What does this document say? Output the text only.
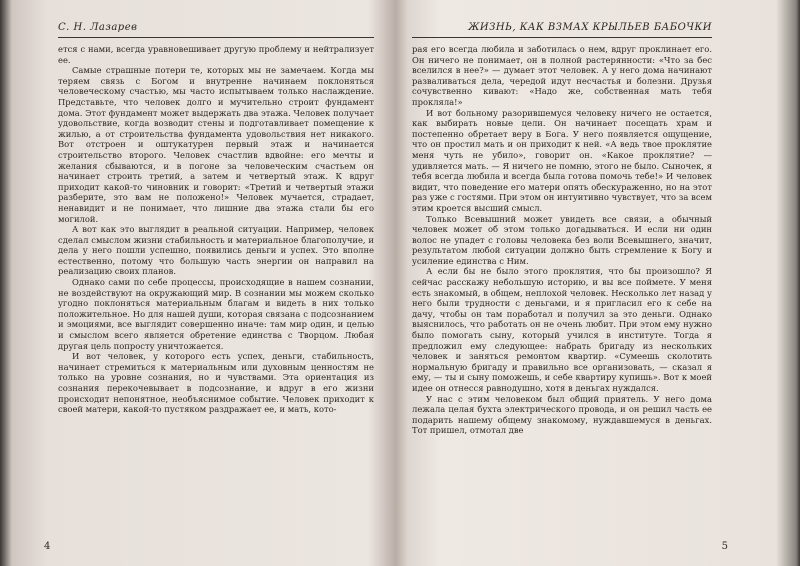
С. Н. Лазарев

ется с нами, всегда уравновешивает другую проблему и нейтрализует ее.

Самые страшные потери те, которых мы не замечаем. Когда мы теряем связь с Богом и внутренне начинаем поклоняться человеческому счастью, мы часто испытываем только наслаждение. Представьте, что человек долго и мучительно строит фундамент дома. Этот фундамент может выдержать два этажа. Человек получает удовольствие, когда возводит стены и подготавливает помещение к жилью, а от строительства фундамента удовольствия нет никакого. Вот отстроен и оштукатурен первый этаж и начинается строительство второго. Человек счастлив вдвойне: его мечты и желания сбываются, и в погоне за человеческим счастьем он начинает строить третий, а затем и четвертый этаж. К вдруг приходит какой-то чиновник и говорит: «Третий и четвертый этажи разберите, это вам не положено!» Человек мучается, страдает, ненавидит и не понимает, что лишние два этажа стали бы его могилой.

А вот как это выглядит в реальной ситуации. Например, человек сделал смыслом жизни стабильность и материальное благополучие, и дела у него пошли успешно, появились деньги и успех. Это вполне естественно, потому что большую часть энергии он направил на реализацию своих планов.

Однако сами по себе процессы, происходящие в нашем сознании, не воздействуют на окружающий мир. В сознании мы можем сколько угодно поклоняться материальным благам и видеть в них только положительное. Но для нашей души, которая связана с подсознанием и эмоциями, все выглядит совершенно иначе: там мир один, и целью и смыслом всего является обретение единства с Творцом. Любая другая цель попросту уничтожается.

И вот человек, у которого есть успех, деньги, стабильность, начинает стремиться к материальным или духовным ценностям не только на уровне сознания, но и чувствами. Эта ориентация из сознания перекочевывает в подсознание, и вдруг в его жизни происходит непонятное, необъяснимое событие. Человек приходит к своей матери, какой-то пустяком раздражает ее, и мать, кото-

4
ЖИЗНЬ, КАК ВЗМАХ КРЫЛЬЕВ БАБОЧКИ

рая его всегда любила и заботилась о нем, вдруг проклинает его. Он ничего не понимает, он в полной растерянности: «Что за бес вселился в нее?» — думает этот человек. А у него дома начинают разваливаться дела, чередой идут несчастья и болезни. Друзья сочувственно кивают: «Надо же, собственная мать тебя прокляла!»

И вот больному разорившемуся человеку ничего не остается, как выбирать новые цели. Он начинает посещать храм и постепенно обретает веру в Бога. У него появляется ощущение, что он простил мать и он приходит к ней. «А ведь твое проклятие меня чуть не убило», говорит он. «Какое проклятие? — удивляется мать. — Я ничего не помню, этого не было. Сыночек, я тебя всегда любила и всегда была готова помочь тебе!» И человек видит, что поведение его матери опять обескураженно, но на этот раз уже с гостями. При этом он интуитивно чувствует, что за всем этим кроется высший смысл.

Только Всевышний может увидеть все связи, а обычный человек может об этом только догадываться. И если ни один волос не упадет с головы человека без воли Всевышнего, значит, результатом любой ситуации должно быть стремление к Богу и усиление единства с Ним.

А если бы не было этого проклятия, что бы произошло? Я сейчас расскажу небольшую историю, и вы все поймете. У меня есть знакомый, в общем, неплохой человек. Несколько лет назад у него были трудности с деньгами, и я пригласил его к себе на дачу, чтобы он там поработал и получил за это деньги. Однако выяснилось, что работать он не очень любит. При этом ему нужно было помогать сыну, который учился в институте. Тогда я предложил ему следующее: набрать бригаду из нескольких человек и заняться ремонтом квартир. «Сумеешь сколотить нормальную бригаду и правильно все организовать, — сказал я ему, — ты и сыну поможешь, и себе квартиру купишь». Вот к моей идее он отнесся равнодушно, хотя в деньгах нуждался.

У нас с этим человеком был общий приятель. У него дома лежала целая бухта электрического провода, и он решил часть ее подарить нашему общему знакомому, нуждавшемуся в деньгах. Тот пришел, отмотал две

5
